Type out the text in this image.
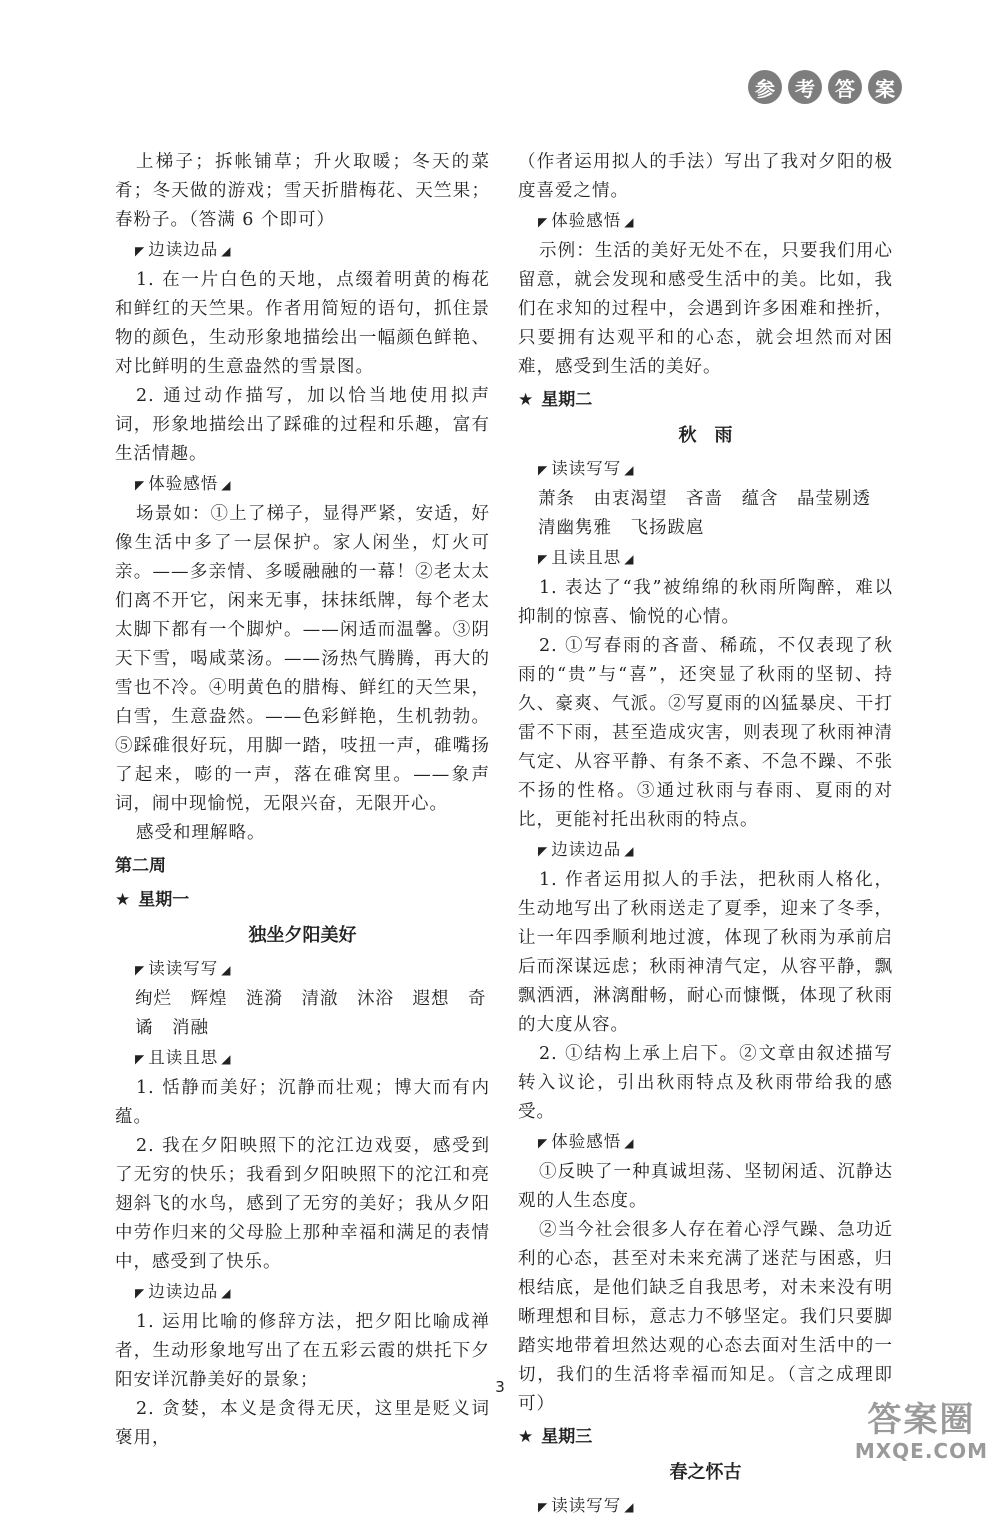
参	考	答	案

上梯子；拆帐铺草；升火取暖；冬天的菜肴；冬天做的游戏；雪天折腊梅花、天竺果；春粉子。（答满 6 个即可）

◤ 边读边品 ◢

1. 在一片白色的天地，点缀着明黄的梅花和鲜红的天竺果。作者用简短的语句，抓住景物的颜色，生动形象地描绘出一幅颜色鲜艳、对比鲜明的生意盎然的雪景图。

2. 通过动作描写，加以恰当地使用拟声词，形象地描绘出了踩碓的过程和乐趣，富有生活情趣。

◤ 体验感悟 ◢

场景如：①上了梯子，显得严紧，安适，好像生活中多了一层保护。家人闲坐，灯火可亲。——多亲情、多暖融融的一幕！②老太太们离不开它，闲来无事，抹抹纸牌，每个老太太脚下都有一个脚炉。——闲适而温馨。③阴天下雪，喝咸菜汤。——汤热气腾腾，再大的雪也不冷。④明黄色的腊梅、鲜红的天竺果，白雪，生意盎然。——色彩鲜艳，生机勃勃。⑤踩碓很好玩，用脚一踏，吱扭一声，碓嘴扬了起来，嘭的一声，落在碓窝里。——象声词，闹中现愉悦，无限兴奋，无限开心。

感受和理解略。

第二周

★ 星期一

独坐夕阳美好

◤ 读读写写 ◢

绚烂　辉煌　涟漪　清澈　沐浴　遐想　奇谲　消融

◤ 且读且思 ◢

1. 恬静而美好；沉静而壮观；博大而有内蕴。

2. 我在夕阳映照下的沱江边戏耍，感受到了无穷的快乐；我看到夕阳映照下的沱江和亮翅斜飞的水鸟，感到了无穷的美好；我从夕阳中劳作归来的父母脸上那种幸福和满足的表情中，感受到了快乐。

◤ 边读边品 ◢

1. 运用比喻的修辞方法，把夕阳比喻成禅者，生动形象地写出了在五彩云霞的烘托下夕阳安详沉静美好的景象；

2. 贪婪，本义是贪得无厌，这里是贬义词褒用，

（作者运用拟人的手法）写出了我对夕阳的极度喜爱之情。

◤ 体验感悟 ◢

示例：生活的美好无处不在，只要我们用心留意，就会发现和感受生活中的美。比如，我们在求知的过程中，会遇到许多困难和挫折，只要拥有达观平和的心态，就会坦然而对困难，感受到生活的美好。

★ 星期二

秋　雨

◤ 读读写写 ◢

萧条　由衷渴望　吝啬　蕴含　晶莹剔透　清幽隽雅　飞扬跋扈

◤ 且读且思 ◢

1. 表达了“我”被绵绵的秋雨所陶醉，难以抑制的惊喜、愉悦的心情。

2. ①写春雨的吝啬、稀疏，不仅表现了秋雨的“贵”与“喜”，还突显了秋雨的坚韧、持久、豪爽、气派。②写夏雨的凶猛暴戾、干打雷不下雨，甚至造成灾害，则表现了秋雨神清气定、从容平静、有条不紊、不急不躁、不张不扬的性格。③通过秋雨与春雨、夏雨的对比，更能衬托出秋雨的特点。

◤ 边读边品 ◢

1. 作者运用拟人的手法，把秋雨人格化，生动地写出了秋雨送走了夏季，迎来了冬季，让一年四季顺利地过渡，体现了秋雨为承前启后而深谋远虑；秋雨神清气定，从容平静，飘飘洒洒，淋漓酣畅，耐心而慷慨，体现了秋雨的大度从容。

2. ①结构上承上启下。②文章由叙述描写转入议论，引出秋雨特点及秋雨带给我的感受。

◤ 体验感悟 ◢

①反映了一种真诚坦荡、坚韧闲适、沉静达观的人生态度。

②当今社会很多人存在着心浮气躁、急功近利的心态，甚至对未来充满了迷茫与困惑，归根结底，是他们缺乏自我思考，对未来没有明晰理想和目标，意志力不够坚定。我们只要脚踏实地带着坦然达观的心态去面对生活中的一切，我们的生活将幸福而知足。（言之成理即可）

★ 星期三

春之怀古

◤ 读读写写 ◢

3
答案圈
MXQE.COM
